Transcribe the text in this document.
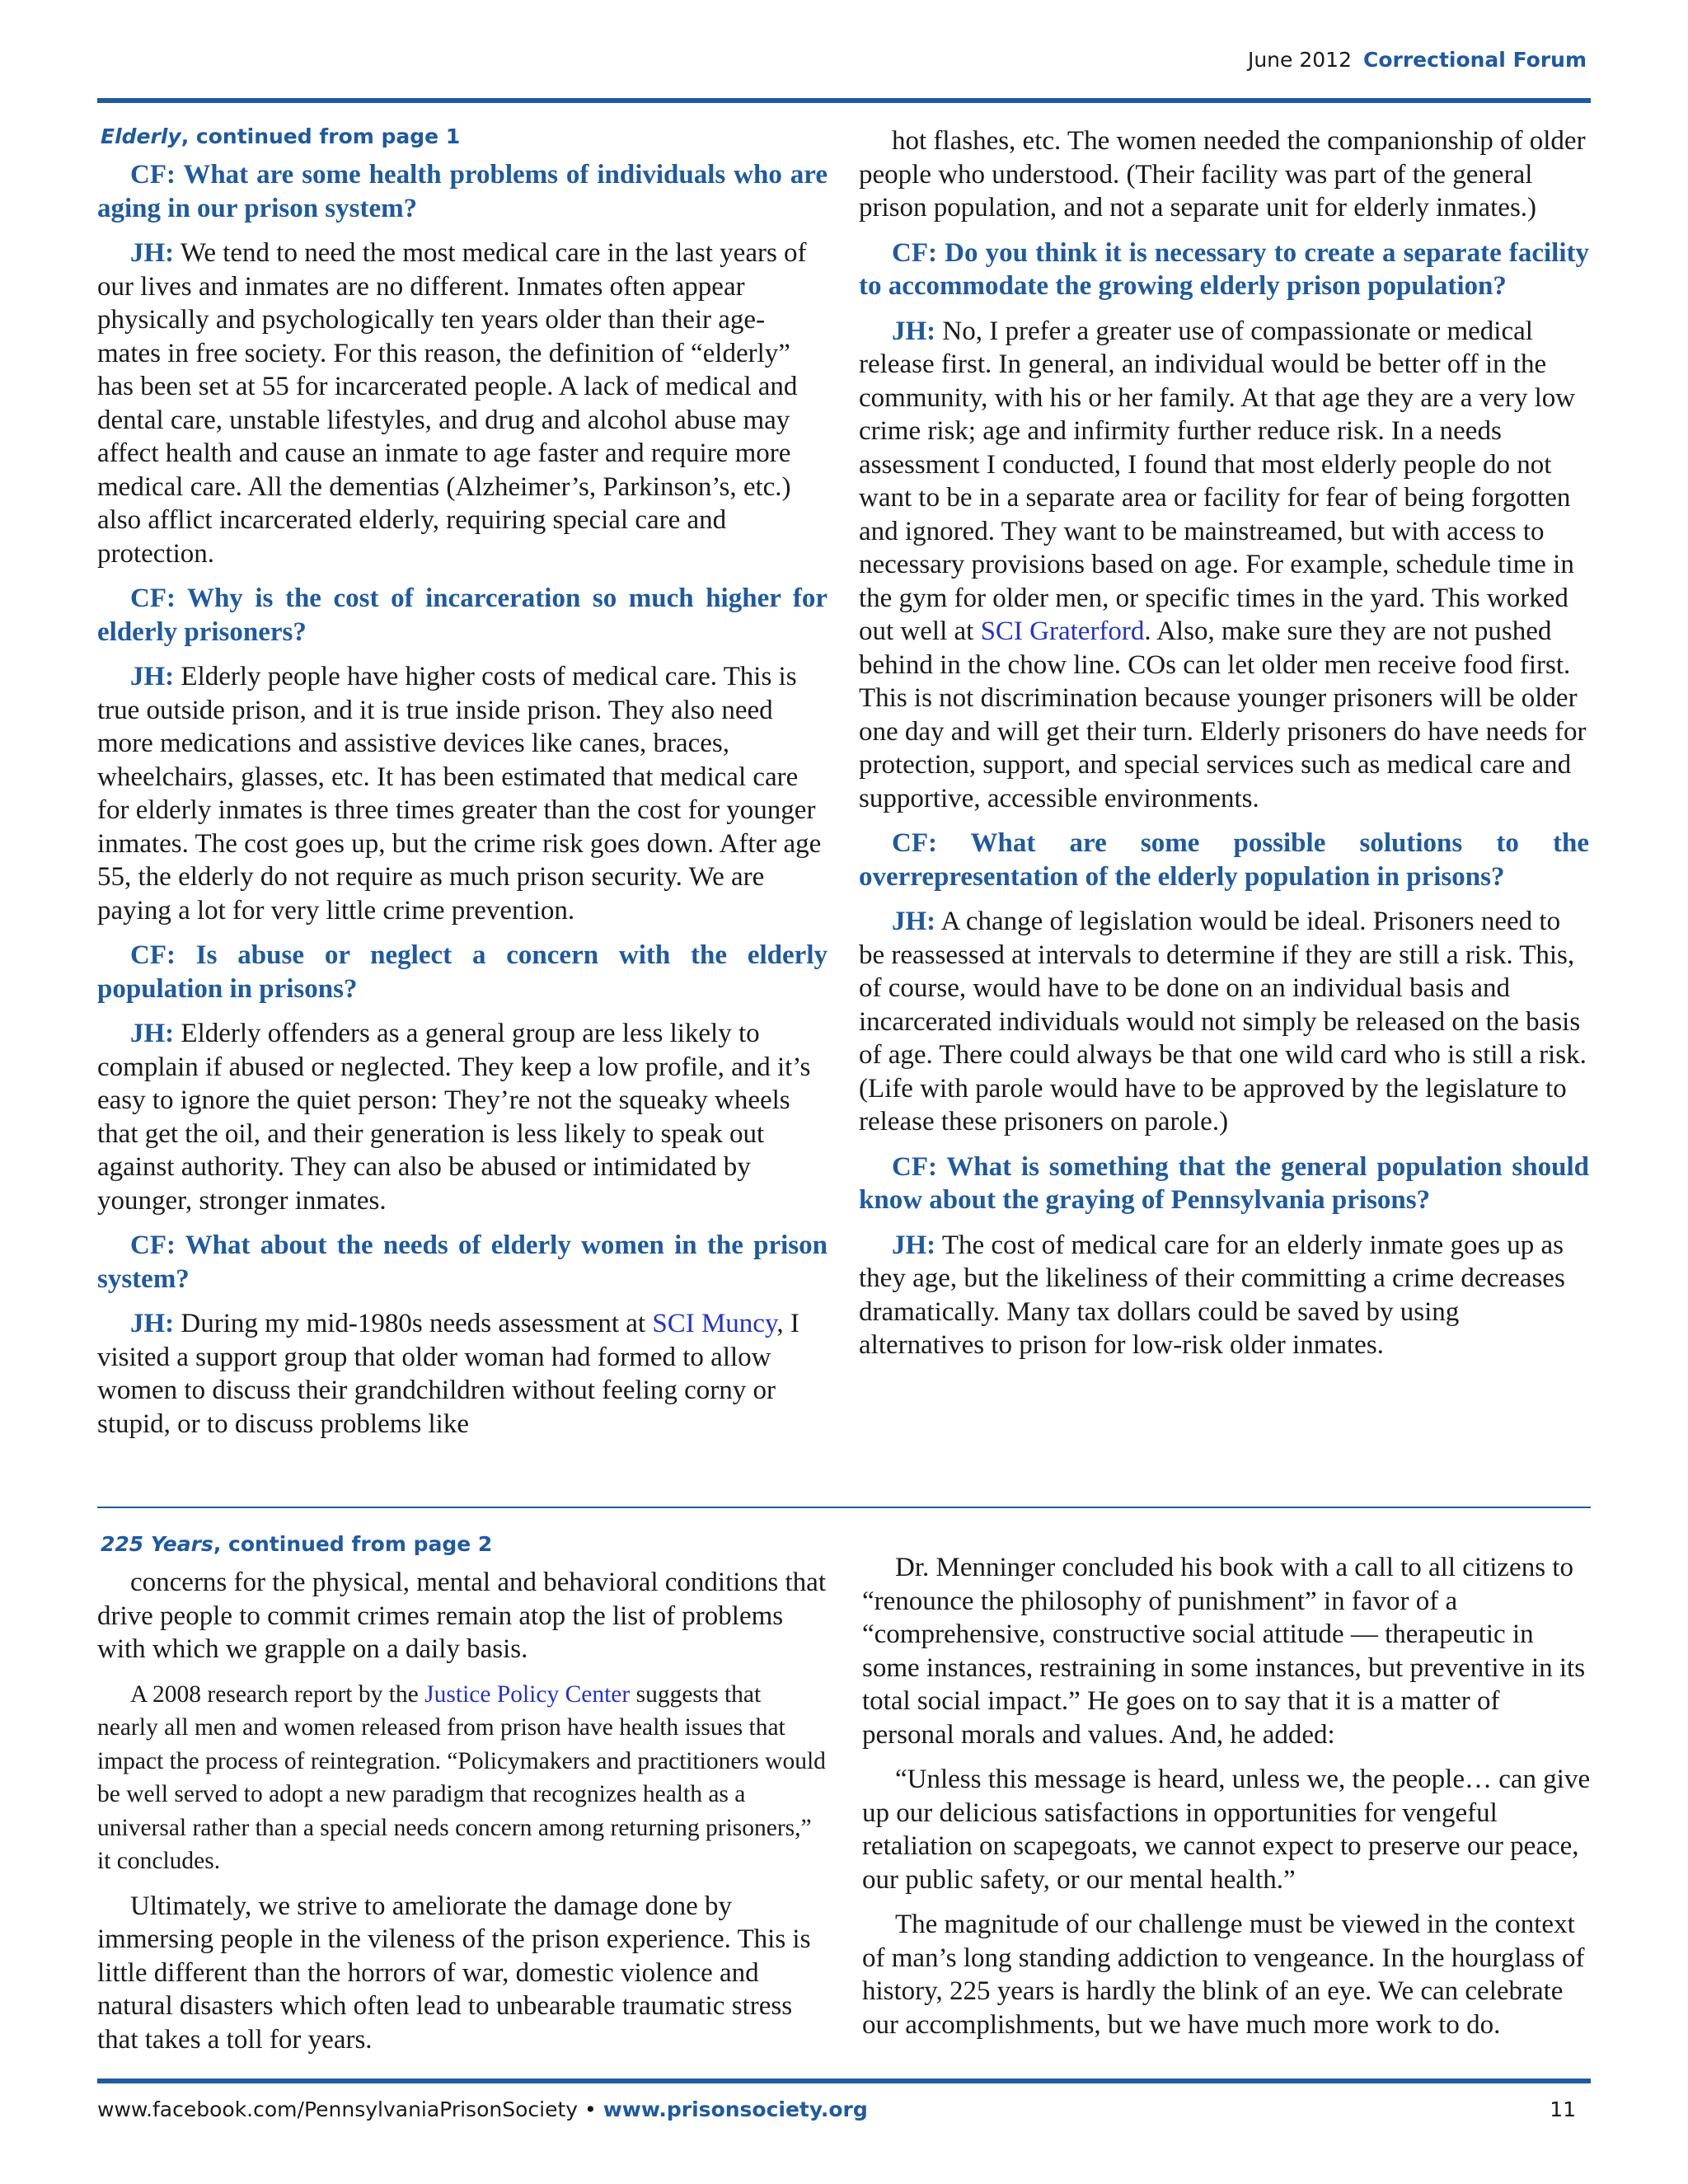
June 2012 Correctional Forum
Elderly, continued from page 1

CF: What are some health problems of individuals who are aging in our prison system?

JH: We tend to need the most medical care in the last years of our lives and inmates are no different. Inmates often appear physically and psychologically ten years older than their age-mates in free society. For this reason, the definition of “elderly” has been set at 55 for incarcerated people. A lack of medical and dental care, unstable lifestyles, and drug and alcohol abuse may affect health and cause an inmate to age faster and require more medical care. All the dementias (Alzheimer’s, Parkinson’s, etc.) also afflict incarcerated elderly, requiring special care and protection.

CF: Why is the cost of incarceration so much higher for elderly prisoners?

JH: Elderly people have higher costs of medical care. This is true outside prison, and it is true inside prison. They also need more medications and assistive devices like canes, braces, wheelchairs, glasses, etc. It has been estimated that medical care for elderly inmates is three times greater than the cost for younger inmates. The cost goes up, but the crime risk goes down. After age 55, the elderly do not require as much prison security. We are paying a lot for very little crime prevention.

CF: Is abuse or neglect a concern with the elderly population in prisons?

JH: Elderly offenders as a general group are less likely to complain if abused or neglected. They keep a low profile, and it’s easy to ignore the quiet person: They’re not the squeaky wheels that get the oil, and their generation is less likely to speak out against authority. They can also be abused or intimidated by younger, stronger inmates.

CF: What about the needs of elderly women in the prison system?

JH: During my mid-1980s needs assessment at SCI Muncy, I visited a support group that older woman had formed to allow women to discuss their grandchildren without feeling corny or stupid, or to discuss problems like

hot flashes, etc. The women needed the companionship of older people who understood. (Their facility was part of the general prison population, and not a separate unit for elderly inmates.)

CF: Do you think it is necessary to create a separate facility to accommodate the growing elderly prison population?

JH: No, I prefer a greater use of compassionate or medical release first. In general, an individual would be better off in the community, with his or her family. At that age they are a very low crime risk; age and infirmity further reduce risk. In a needs assessment I conducted, I found that most elderly people do not want to be in a separate area or facility for fear of being forgotten and ignored. They want to be mainstreamed, but with access to necessary provisions based on age. For example, schedule time in the gym for older men, or specific times in the yard. This worked out well at SCI Graterford. Also, make sure they are not pushed behind in the chow line. COs can let older men receive food first. This is not discrimination because younger prisoners will be older one day and will get their turn. Elderly prisoners do have needs for protection, support, and special services such as medical care and supportive, accessible environments.

CF: What are some possible solutions to the overrepresentation of the elderly population in prisons?

JH: A change of legislation would be ideal. Prisoners need to be reassessed at intervals to determine if they are still a risk. This, of course, would have to be done on an individual basis and incarcerated individuals would not simply be released on the basis of age. There could always be that one wild card who is still a risk. (Life with parole would have to be approved by the legislature to release these prisoners on parole.)

CF: What is something that the general population should know about the graying of Pennsylvania prisons?

JH: The cost of medical care for an elderly inmate goes up as they age, but the likeliness of their committing a crime decreases dramatically. Many tax dollars could be saved by using alternatives to prison for low-risk older inmates.

225 Years, continued from page 2

concerns for the physical, mental and behavioral conditions that drive people to commit crimes remain atop the list of problems with which we grapple on a daily basis.

A 2008 research report by the Justice Policy Center suggests that nearly all men and women released from prison have health issues that impact the process of reintegration. “Policymakers and practitioners would be well served to adopt a new paradigm that recognizes health as a universal rather than a special needs concern among returning prisoners,” it concludes.

Ultimately, we strive to ameliorate the damage done by immersing people in the vileness of the prison experience. This is little different than the horrors of war, domestic violence and natural disasters which often lead to unbearable traumatic stress that takes a toll for years.

Dr. Menninger concluded his book with a call to all citizens to “renounce the philosophy of punishment” in favor of a “comprehensive, constructive social attitude — therapeutic in some instances, restraining in some instances, but preventive in its total social impact.” He goes on to say that it is a matter of personal morals and values. And, he added:

“Unless this message is heard, unless we, the people… can give up our delicious satisfactions in opportunities for vengeful retaliation on scapegoats, we cannot expect to preserve our peace, our public safety, or our mental health.”

The magnitude of our challenge must be viewed in the context of man’s long standing addiction to vengeance. In the hourglass of history, 225 years is hardly the blink of an eye. We can celebrate our accomplishments, but we have much more work to do.

www.facebook.com/PennsylvaniaPrisonSociety • www.prisonsociety.org	11
